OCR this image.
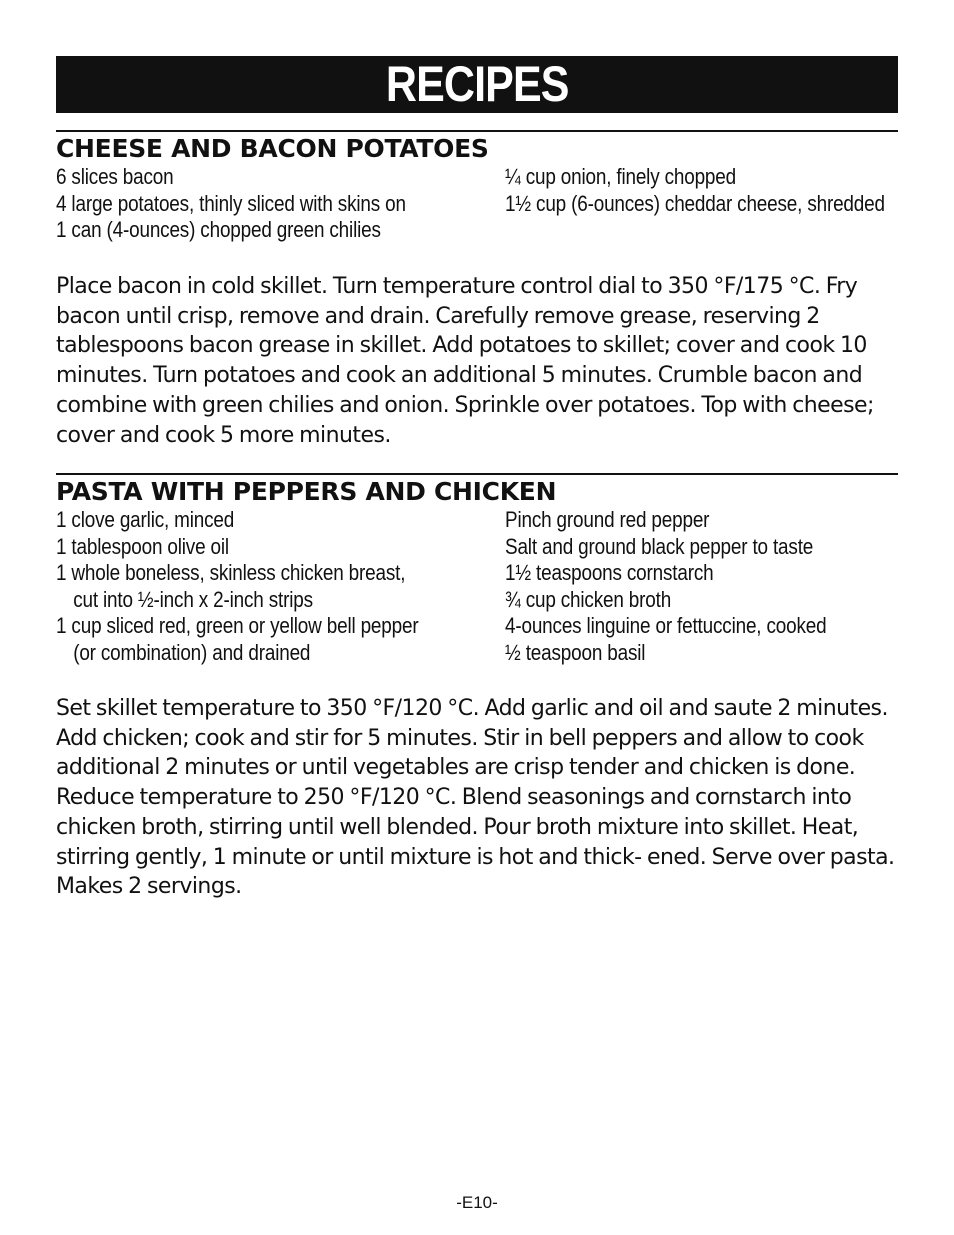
RECIPES
CHEESE AND BACON POTATOES
6 slices bacon
4 large potatoes, thinly sliced with skins on
1 can (4-ounces) chopped green chilies
¼ cup onion, finely chopped
1½ cup (6-ounces) cheddar cheese, shredded

Place bacon in cold skillet. Turn temperature control dial to 350 °F/175 °C. Fry bacon until crisp, remove and drain. Carefully remove grease, reserving 2 tablespoons bacon grease in skillet. Add potatoes to skillet; cover and cook 10 minutes. Turn potatoes and cook an additional 5 minutes. Crumble bacon and combine with green chilies and onion. Sprinkle over potatoes. Top with cheese; cover and cook 5 more minutes.

PASTA WITH PEPPERS AND CHICKEN
1 clove garlic, minced
1 tablespoon olive oil
1 whole boneless, skinless chicken breast,
cut into ½-inch x 2-inch strips
1 cup sliced red, green or yellow bell pepper
(or combination) and drained
Pinch ground red pepper
Salt and ground black pepper to taste
1½ teaspoons cornstarch
¾ cup chicken broth
4-ounces linguine or fettuccine, cooked
½ teaspoon basil

Set skillet temperature to 350 °F/120 °C. Add garlic and oil and saute 2 minutes. Add chicken; cook and stir for 5 minutes. Stir in bell peppers and allow to cook additional 2 minutes or until vegetables are crisp tender and chicken is done. Reduce temperature to 250 °F/120 °C. Blend seasonings and cornstarch into chicken broth, stirring until well blended. Pour broth mixture into skillet. Heat, stirring gently, 1 minute or until mixture is hot and thick- ened. Serve over pasta. Makes 2 servings.

-E10-
